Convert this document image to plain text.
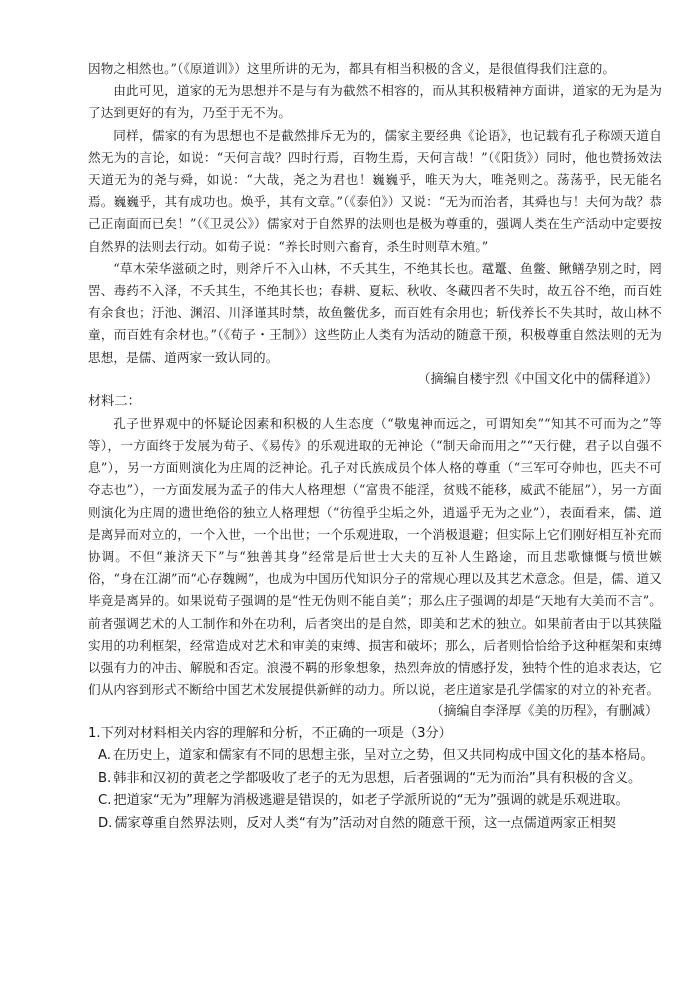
因物之相然也。”（《原道训》）这里所讲的无为，都具有相当积极的含义，是很值得我们注意的。

由此可见，道家的无为思想并不是与有为截然不相容的，而从其积极精神方面讲，道家的无为是为了达到更好的有为，乃至于无不为。

同样，儒家的有为思想也不是截然排斥无为的，儒家主要经典《论语》，也记载有孔子称颂天道自然无为的言论，如说：“天何言哉？四时行焉，百物生焉，天何言哉！”（《阳货》）同时，他也赞扬效法天道无为的尧与舜，如说：“大哉，尧之为君也！巍巍乎，唯天为大，唯尧则之。荡荡乎，民无能名焉。巍巍乎，其有成功也。焕乎，其有文章。”（《泰伯》）又说：“无为而治者，其舜也与！夫何为哉？恭己正南面而已矣！”（《卫灵公》）儒家对于自然界的法则也是极为尊重的，强调人类在生产活动中定要按自然界的法则去行动。如荀子说：“养长时则六畜育，杀生时则草木殖。”

“草木荣华滋硕之时，则斧斤不入山林，不夭其生，不绝其长也。鼋鼍、鱼鳖、鳅鳝孕别之时，罔罟、毒药不入泽，不夭其生，不绝其长也；春耕、夏耘、秋收、冬藏四者不失时，故五谷不绝，而百姓有余食也；汙池、渊沼、川泽谨其时禁，故鱼鳖优多，而百姓有余用也；斩伐养长不失其时，故山林不童，而百姓有余材也。”（《荀子・王制》）这些防止人类有为活动的随意干预，积极尊重自然法则的无为思想，是儒、道两家一致认同的。

（摘编自楼宇烈《中国文化中的儒释道》）

材料二：

孔子世界观中的怀疑论因素和积极的人生态度（“敬鬼神而远之，可谓知矣”“知其不可而为之”等等），一方面终于发展为荀子、《易传》的乐观进取的无神论（“制天命而用之”“天行健，君子以自强不息”），另一方面则演化为庄周的泛神论。孔子对氏族成员个体人格的尊重（“三军可夺帅也，匹夫不可夺志也”），一方面发展为孟子的伟大人格理想（“富贵不能淫，贫贱不能移，威武不能屈”），另一方面则演化为庄周的遗世绝俗的独立人格理想（“彷徨乎尘垢之外，逍遥乎无为之业”），表面看来，儒、道是离异而对立的，一个入世，一个出世；一个乐观进取，一个消极退避；但实际上它们刚好相互补充而协调。不但“兼济天下”与“独善其身”经常是后世士大夫的互补人生路途，而且悲歌慷慨与愤世嫉俗，“身在江湖”而“心存魏阙”，也成为中国历代知识分子的常规心理以及其艺术意念。但是，儒、道又毕竟是离异的。如果说荀子强调的是“性无伪则不能自美”；那么庄子强调的却是“天地有大美而不言”。前者强调艺术的人工制作和外在功利，后者突出的是自然，即美和艺术的独立。如果前者由于以其狭隘实用的功利框架，经常造成对艺术和审美的束缚、损害和破坏；那么，后者则恰恰给予这种框架和束缚以强有力的冲击、解脱和否定。浪漫不羁的形象想象，热烈奔放的情感抒发，独特个性的追求表达，它们从内容到形式不断给中国艺术发展提供新鲜的动力。所以说，老庄道家是孔学儒家的对立的补充者。

（摘编自李泽厚《美的历程》，有删减）

1.下列对材料相关内容的理解和分析，不正确的一项是（3分）

A. 在历史上，道家和儒家有不同的思想主张，呈对立之势，但又共同构成中国文化的基本格局。

B. 韩非和汉初的黄老之学都吸收了老子的无为思想，后者强调的“无为而治”具有积极的含义。

C. 把道家“无为”理解为消极逃避是错误的，如老子学派所说的“无为”强调的就是乐观进取。

D. 儒家尊重自然界法则，反对人类“有为”活动对自然的随意干预，这一点儒道两家正相契
